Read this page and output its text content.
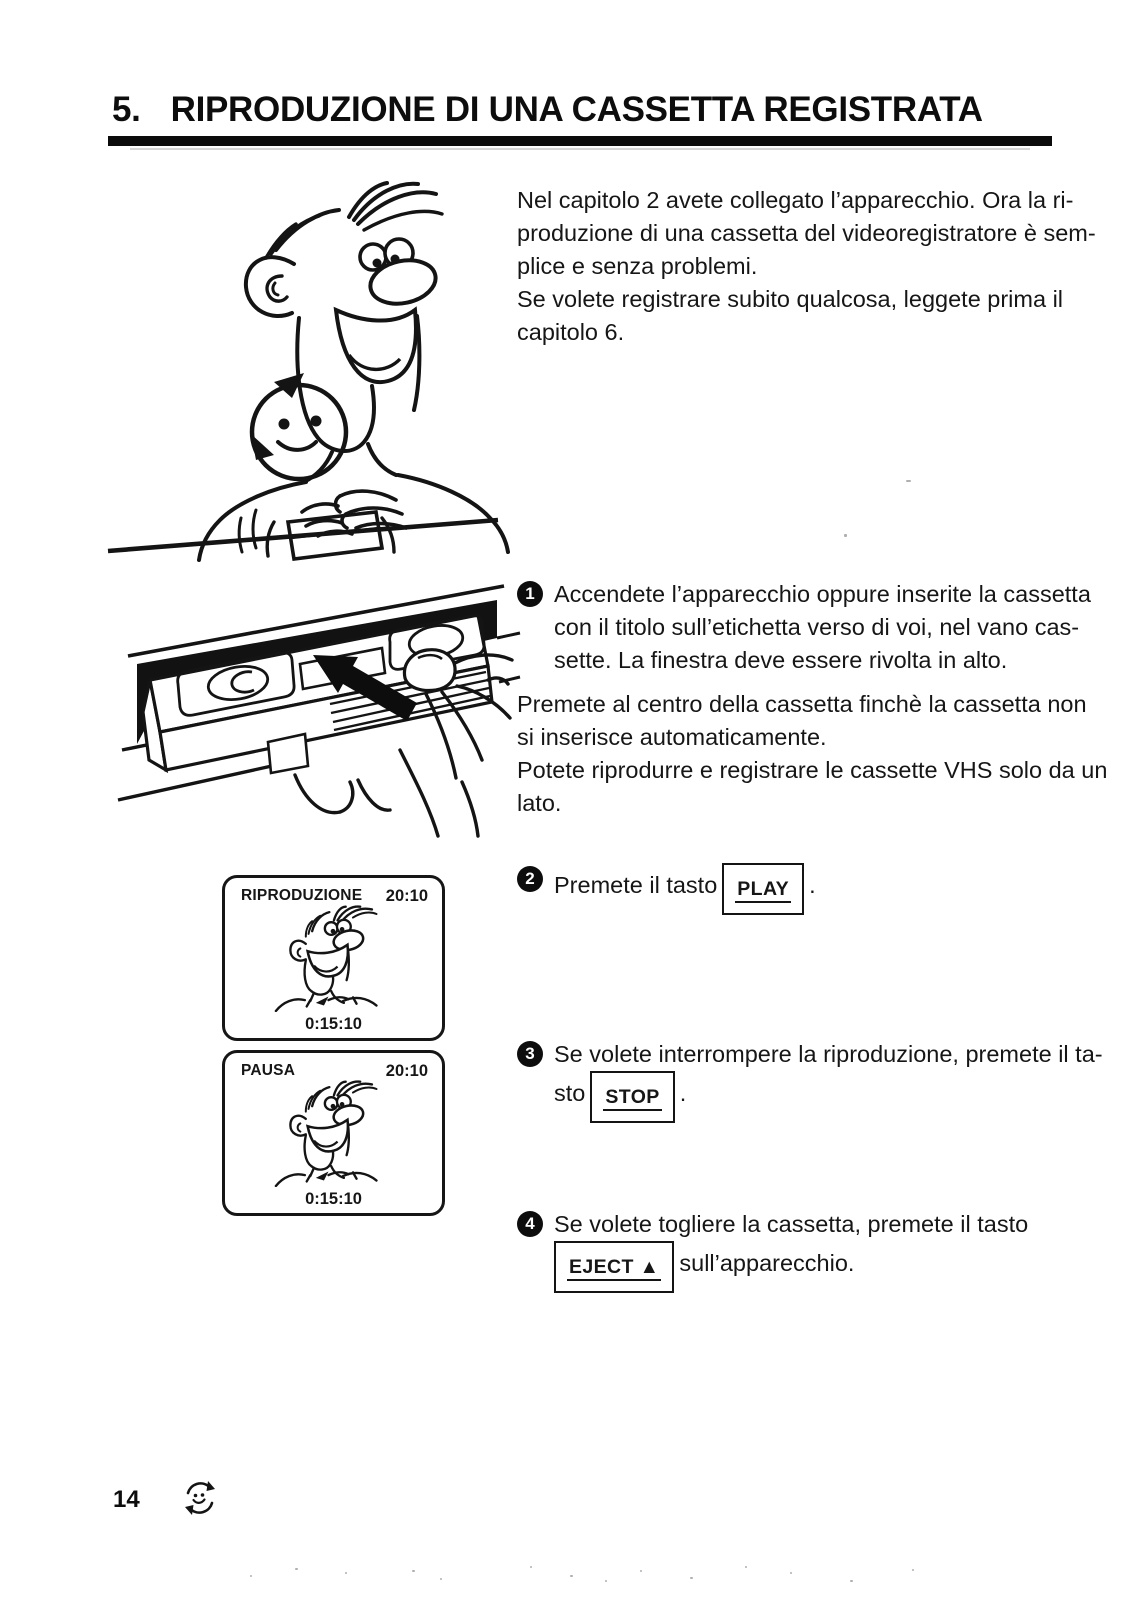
5. RIPRODUZIONE DI UNA CASSETTA REGISTRATA
Nel capitolo 2 avete collegato l’apparecchio. Ora la ri-
produzione di una cassetta del videoregistratore è sem-
plice e senza problemi.
Se volete registrare subito qualcosa, leggete prima il
capitolo 6.
1 Accendete l’apparecchio oppure inserite la cassetta
con il titolo sull’etichetta verso di voi, nel vano cas-
sette. La finestra deve essere rivolta in alto.
Premete al centro della cassetta finchè la cassetta non
si inserisce automaticamente.
Potete riprodurre e registrare le cassette VHS solo da un
lato.
RIPRODUZIONE 20:10
0:15:10
2 Premete il tasto PLAY .
PAUSA	20:10
0:15:10
3 Se volete interrompere la riproduzione, premete il ta-
sto STOP .
4 Se volete togliere la cassetta, premete il tasto
EJECT ▲ sull’apparecchio.
14
